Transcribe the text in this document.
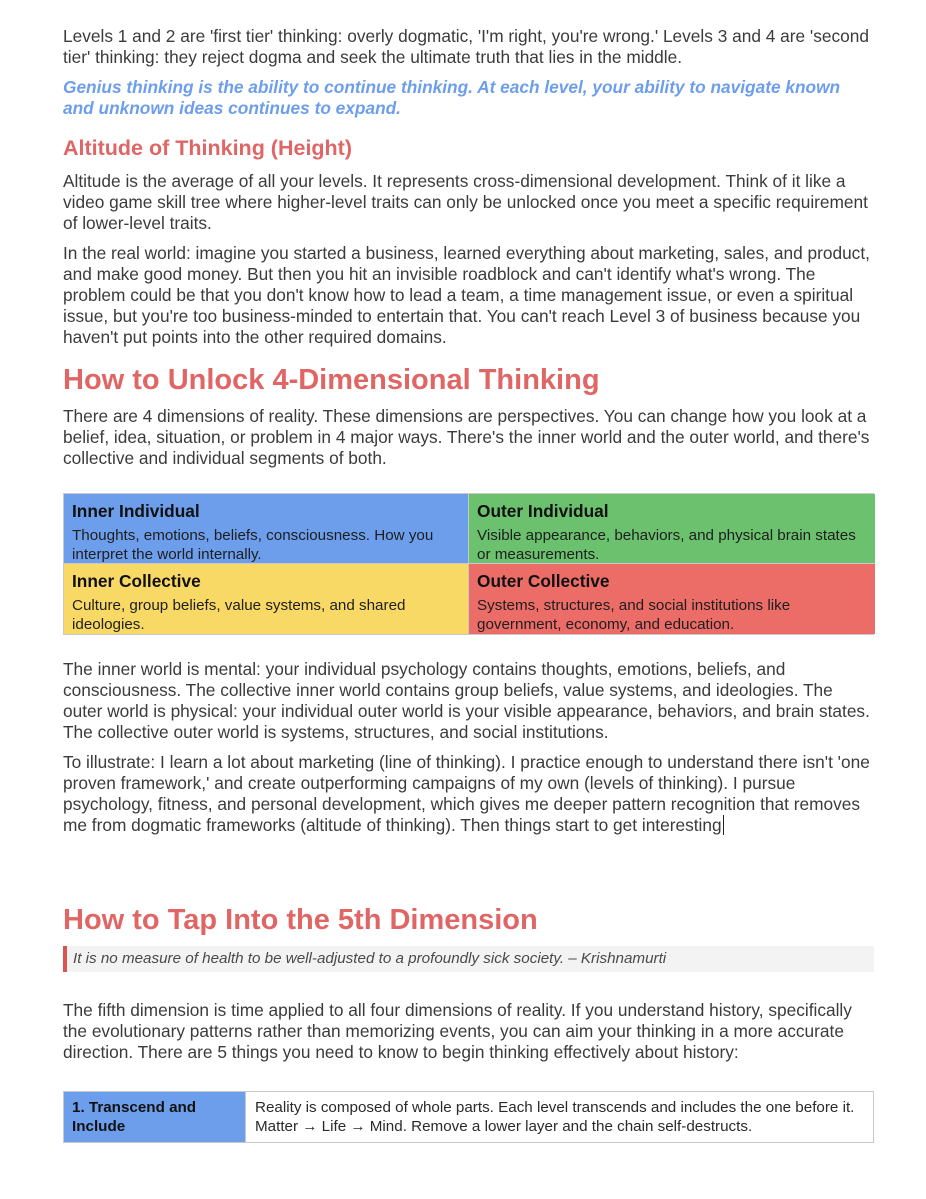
Levels 1 and 2 are 'first tier' thinking: overly dogmatic, 'I'm right, you're wrong.' Levels 3 and 4 are 'second tier' thinking: they reject dogma and seek the ultimate truth that lies in the middle.

Genius thinking is the ability to continue thinking. At each level, your ability to navigate known and unknown ideas continues to expand.

Altitude of Thinking (Height)

Altitude is the average of all your levels. It represents cross-dimensional development. Think of it like a video game skill tree where higher-level traits can only be unlocked once you meet a specific requirement of lower-level traits.

In the real world: imagine you started a business, learned everything about marketing, sales, and product, and make good money. But then you hit an invisible roadblock and can't identify what's wrong. The problem could be that you don't know how to lead a team, a time management issue, or even a spiritual issue, but you're too business-minded to entertain that. You can't reach Level 3 of business because you haven't put points into the other required domains.

How to Unlock 4-Dimensional Thinking

There are 4 dimensions of reality. These dimensions are perspectives. You can change how you look at a belief, idea, situation, or problem in 4 major ways. There's the inner world and the outer world, and there's collective and individual segments of both.

Inner Individual
Thoughts, emotions, beliefs, consciousness. How you interpret the world internally.
Outer Individual
Visible appearance, behaviors, and physical brain states or measurements.
Inner Collective
Culture, group beliefs, value systems, and shared ideologies.
Outer Collective
Systems, structures, and social institutions like government, economy, and education.

The inner world is mental: your individual psychology contains thoughts, emotions, beliefs, and consciousness. The collective inner world contains group beliefs, value systems, and ideologies. The outer world is physical: your individual outer world is your visible appearance, behaviors, and brain states. The collective outer world is systems, structures, and social institutions.

To illustrate: I learn a lot about marketing (line of thinking). I practice enough to understand there isn't 'one proven framework,' and create outperforming campaigns of my own (levels of thinking). I pursue psychology, fitness, and personal development, which gives me deeper pattern recognition that removes me from dogmatic frameworks (altitude of thinking). Then things start to get interesting

How to Tap Into the 5th Dimension
It is no measure of health to be well-adjusted to a profoundly sick society. – Krishnamurti

The fifth dimension is time applied to all four dimensions of reality. If you understand history, specifically the evolutionary patterns rather than memorizing events, you can aim your thinking in a more accurate direction. There are 5 things you need to know to begin thinking effectively about history:

1. Transcend and Include
Reality is composed of whole parts. Each level transcends and includes the one before it. Matter → Life → Mind. Remove a lower layer and the chain self-destructs.
